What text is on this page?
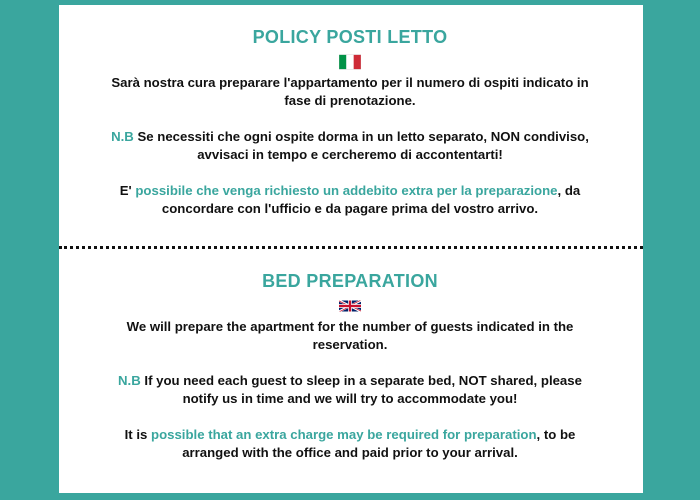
POLICY POSTI LETTO

Sarà nostra cura preparare l'appartamento per il numero di ospiti indicato in fase di prenotazione.

N.B Se necessiti che ogni ospite dorma in un letto separato, NON condiviso, avvisaci in tempo e cercheremo di accontentarti!

E' possibile che venga richiesto un addebito extra per la preparazione, da concordare con l'ufficio e da pagare prima del vostro arrivo.

BED PREPARATION

We will prepare the apartment for the number of guests indicated in the reservation.

N.B If you need each guest to sleep in a separate bed, NOT shared, please notify us in time and we will try to accommodate you!

It is possible that an extra charge may be required for preparation, to be arranged with the office and paid prior to your arrival.
